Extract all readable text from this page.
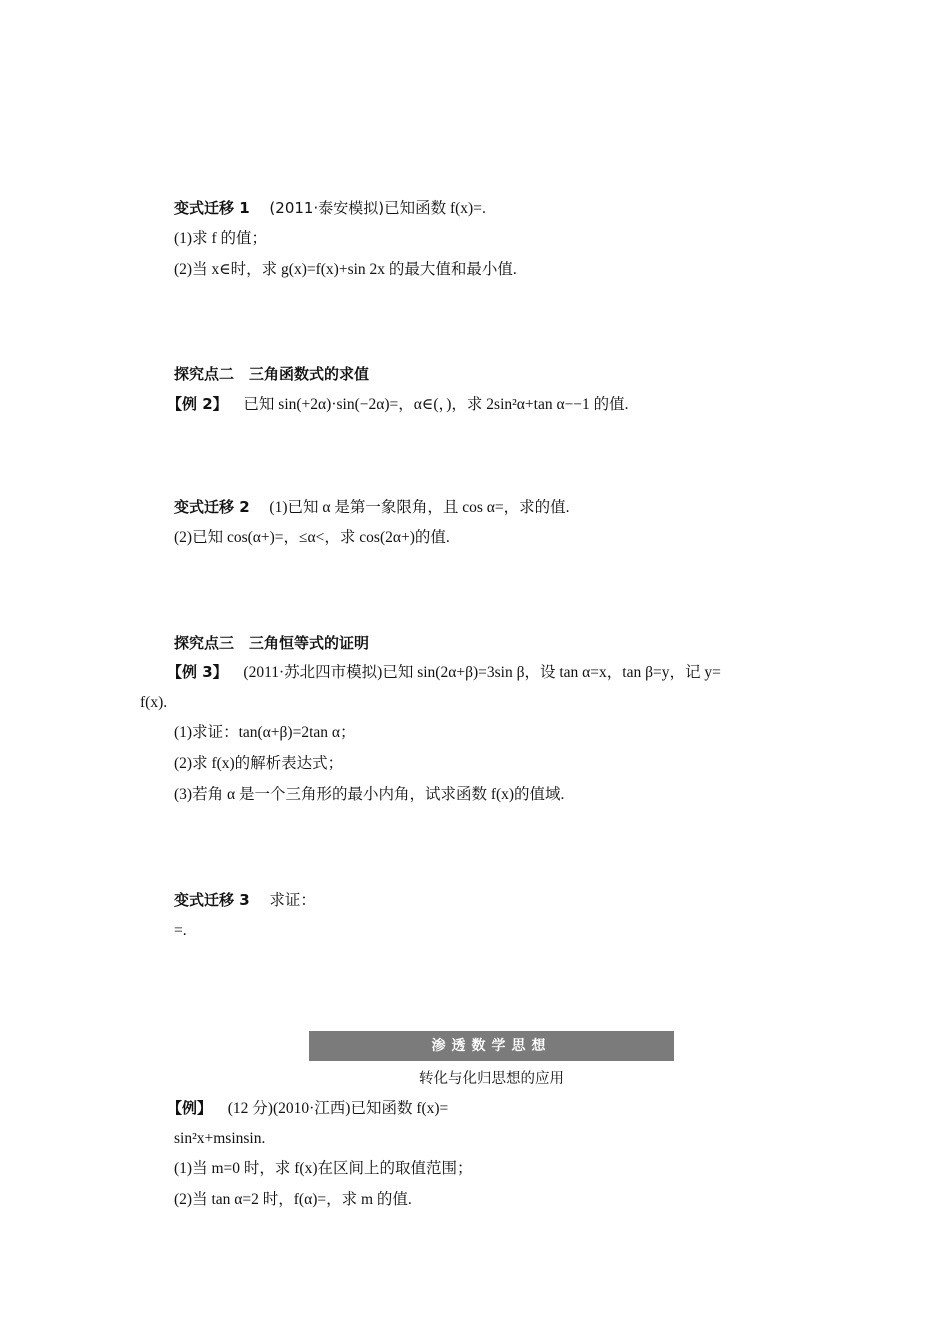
变式迁移 1 (2011·泰安模拟)已知函数 f(x)=.
(1)求 f 的值；
(2)当 x∈时，求 g(x)=f(x)+sin 2x 的最大值和最小值.
探究点二　三角函数式的求值
【例 2】 已知 sin(+2α)·sin(−2α)=，α∈(，)，求 2sin²α+tan α−−1 的值.
变式迁移 2 (1)已知 α 是第一象限角，且 cos α=，求的值.
(2)已知 cos(α+)=，≤α<，求 cos(2α+)的值.
探究点三　三角恒等式的证明
【例 3】 (2011·苏北四市模拟)已知 sin(2α+β)=3sin β，设 tan α=x，tan β=y，记 y=
f(x).
(1)求证：tan(α+β)=2tan α；
(2)求 f(x)的解析表达式；
(3)若角 α 是一个三角形的最小内角，试求函数 f(x)的值域.
变式迁移 3 求证：
=.
渗透数学思想
转化与化归思想的应用
【例】 (12 分)(2010·江西)已知函数 f(x)=
sin²x+msinsin.
(1)当 m=0 时，求 f(x)在区间上的取值范围；
(2)当 tan α=2 时，f(α)=，求 m 的值.
